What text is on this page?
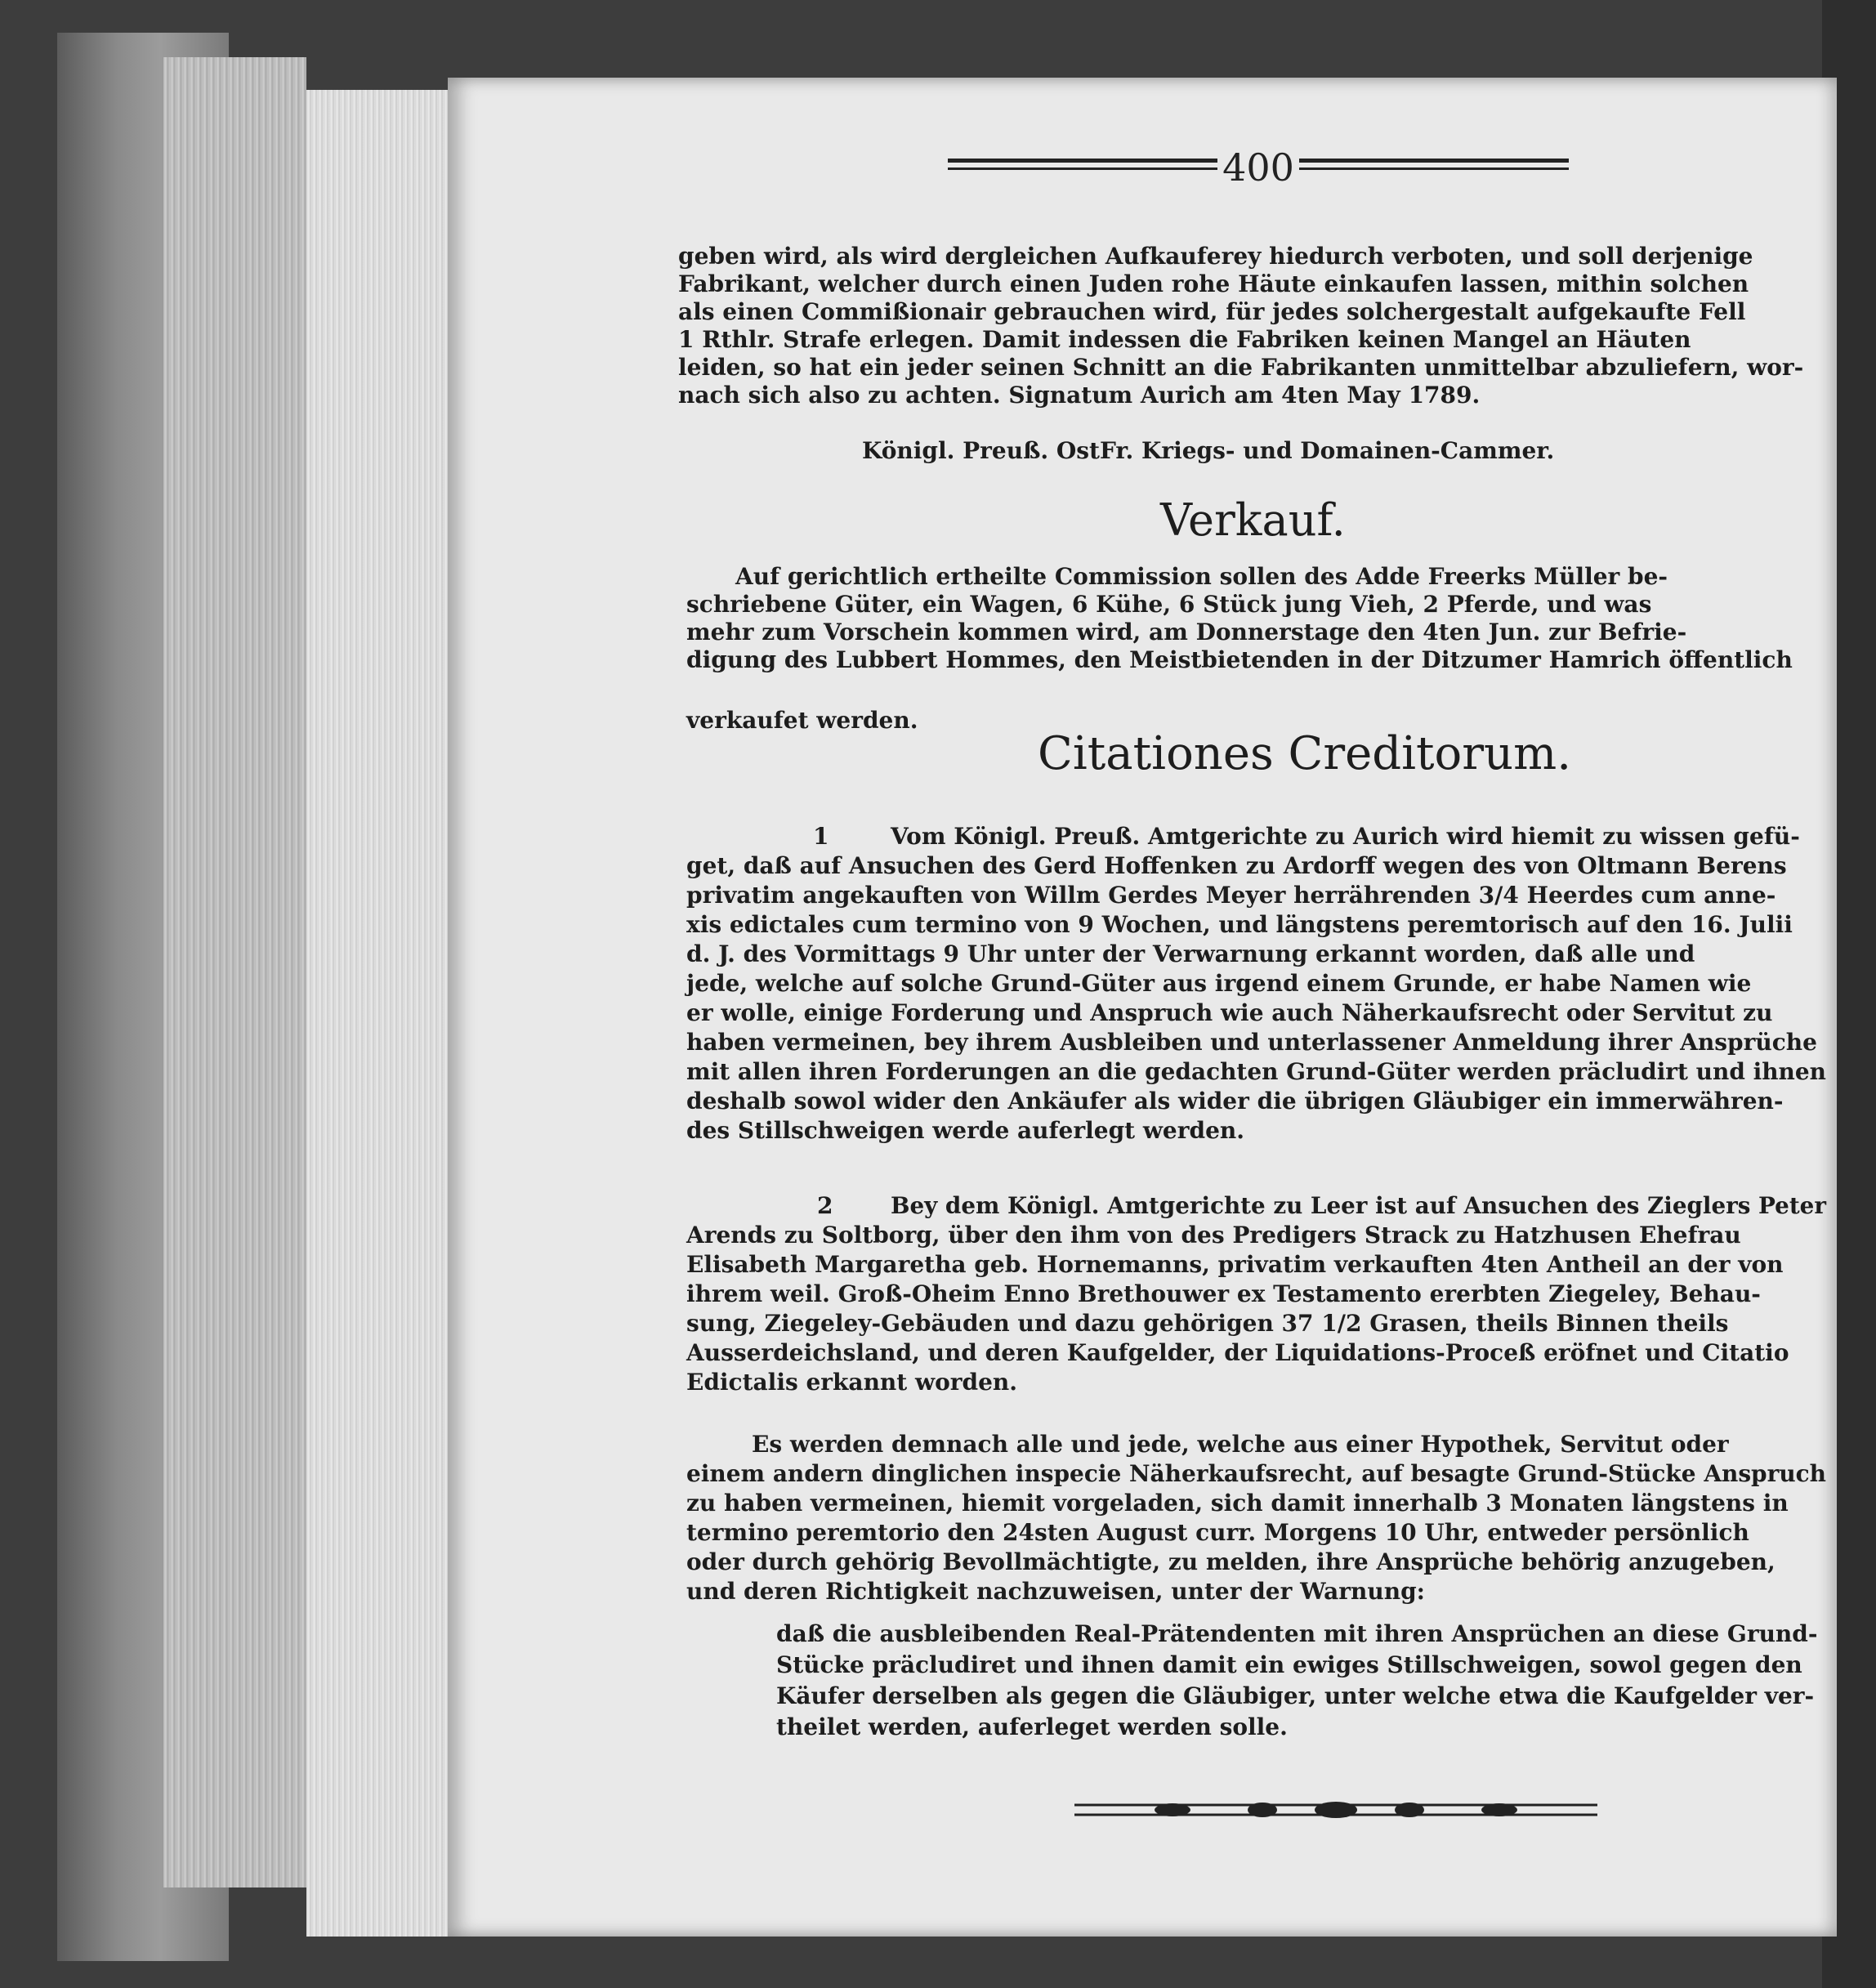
400
geben wird, als wird dergleichen Aufkauferey hiedurch verboten, und soll derjenige
Fabrikant, welcher durch einen Juden rohe Häute einkaufen lassen, mithin solchen
als einen Commißionair gebrauchen wird, für jedes solchergestalt aufgekaufte Fell
1 Rthlr. Strafe erlegen. Damit indessen die Fabriken keinen Mangel an Häuten
leiden, so hat ein jeder seinen Schnitt an die Fabrikanten unmittelbar abzuliefern, wor-
nach sich also zu achten. Signatum Aurich am 4ten May 1789.
Königl. Preuß. OstFr. Kriegs- und Domainen-Cammer.
Verkauf.
Auf gerichtlich ertheilte Commission sollen des Adde Freerks Müller be-
schriebene Güter, ein Wagen, 6 Kühe, 6 Stück jung Vieh, 2 Pferde, und was
mehr zum Vorschein kommen wird, am Donnerstage den 4ten Jun. zur Befrie-
digung des Lubbert Hommes, den Meistbietenden in der Ditzumer Hamrich öffentlich
verkaufet werden.
Citationes Creditorum.
1	Vom Königl. Preuß. Amtgerichte zu Aurich wird hiemit zu wissen gefü-
get, daß auf Ansuchen des Gerd Hoffenken zu Ardorff wegen des von Oltmann Berens
privatim angekauften von Willm Gerdes Meyer herrährenden 3/4 Heerdes cum anne-
xis edictales cum termino von 9 Wochen, und längstens peremtorisch auf den 16. Julii
d. J. des Vormittags 9 Uhr unter der Verwarnung erkannt worden, daß alle und
jede, welche auf solche Grund-Güter aus irgend einem Grunde, er habe Namen wie
er wolle, einige Forderung und Anspruch wie auch Näherkaufsrecht oder Servitut zu
haben vermeinen, bey ihrem Ausbleiben und unterlassener Anmeldung ihrer Ansprüche
mit allen ihren Forderungen an die gedachten Grund-Güter werden präcludirt und ihnen
deshalb sowol wider den Ankäufer als wider die übrigen Gläubiger ein immerwähren-
des Stillschweigen werde auferlegt werden.
2	Bey dem Königl. Amtgerichte zu Leer ist auf Ansuchen des Zieglers Peter
Arends zu Soltborg, über den ihm von des Predigers Strack zu Hatzhusen Ehefrau
Elisabeth Margaretha geb. Hornemanns, privatim verkauften 4ten Antheil an der von
ihrem weil. Groß-Oheim Enno Brethouwer ex Testamento ererbten Ziegeley, Behau-
sung, Ziegeley-Gebäuden und dazu gehörigen 37 1/2 Grasen, theils Binnen theils
Ausserdeichsland, und deren Kaufgelder, der Liquidations-Proceß eröfnet und Citatio
Edictalis erkannt worden.
Es werden demnach alle und jede, welche aus einer Hypothek, Servitut oder
einem andern dinglichen inspecie Näherkaufsrecht, auf besagte Grund-Stücke Anspruch
zu haben vermeinen, hiemit vorgeladen, sich damit innerhalb 3 Monaten längstens in
termino peremtorio den 24sten August curr. Morgens 10 Uhr, entweder persönlich
oder durch gehörig Bevollmächtigte, zu melden, ihre Ansprüche behörig anzugeben,
und deren Richtigkeit nachzuweisen, unter der Warnung:
daß die ausbleibenden Real-Prätendenten mit ihren Ansprüchen an diese Grund-
Stücke präcludiret und ihnen damit ein ewiges Stillschweigen, sowol gegen den
Käufer derselben als gegen die Gläubiger, unter welche etwa die Kaufgelder ver-
theilet werden, auferleget werden solle.
